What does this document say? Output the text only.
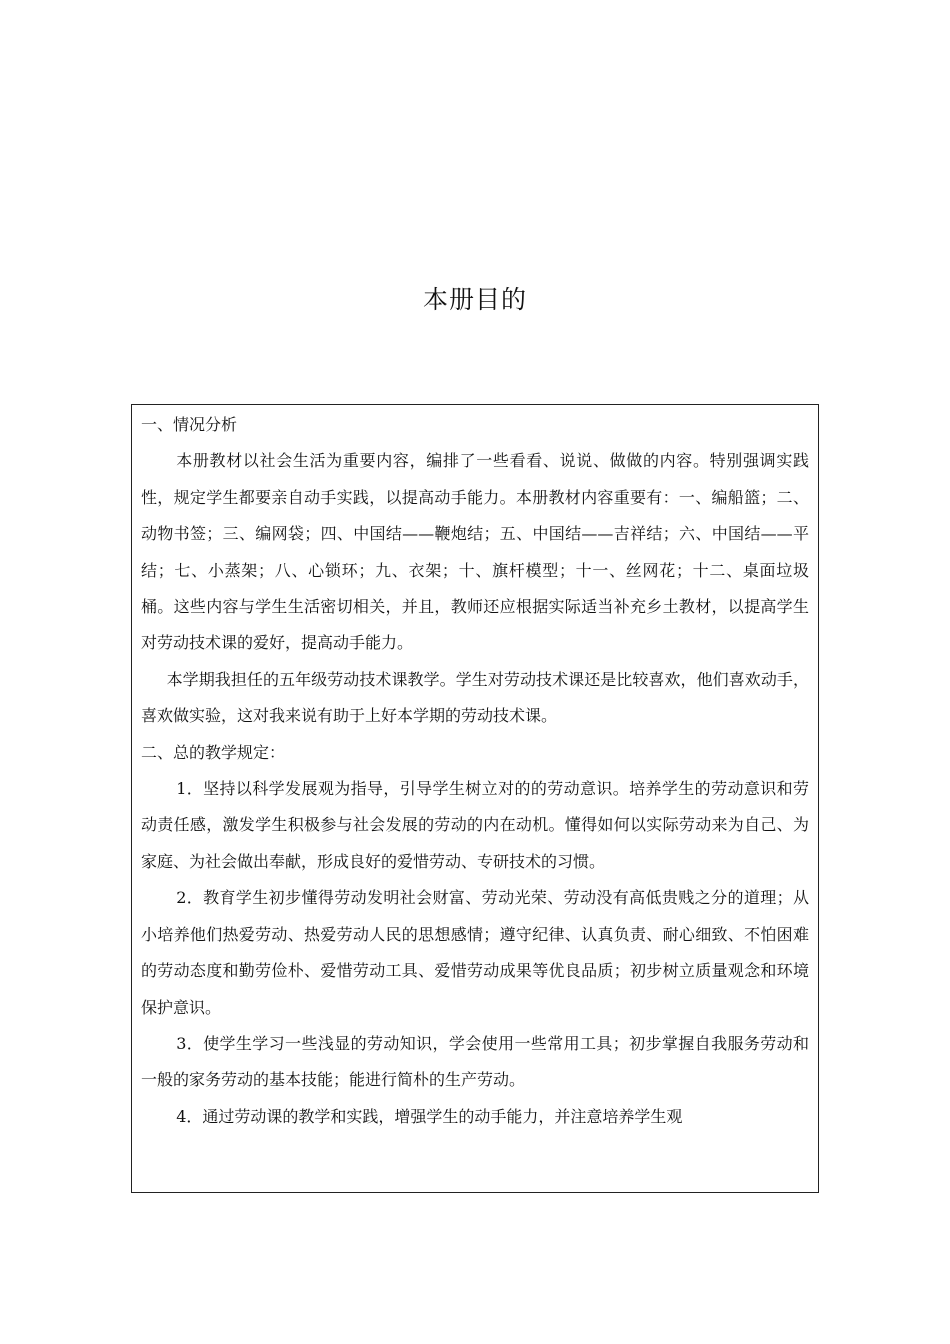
本册目的

一、情况分析

本册教材以社会生活为重要内容，编排了一些看看、说说、做做的内容。特别强调实践性，规定学生都要亲自动手实践，以提高动手能力。本册教材内容重要有：一、编船篮；二、动物书签；三、编网袋；四、中国结——鞭炮结；五、中国结——吉祥结；六、中国结——平结；七、小蒸架；八、心锁环；九、衣架；十、旗杆模型；十一、丝网花；十二、桌面垃圾桶。这些内容与学生生活密切相关，并且，教师还应根据实际适当补充乡土教材，以提高学生对劳动技术课的爱好，提高动手能力。

本学期我担任的五年级劳动技术课教学。学生对劳动技术课还是比较喜欢，他们喜欢动手，喜欢做实验，这对我来说有助于上好本学期的劳动技术课。

二、总的教学规定：

1．坚持以科学发展观为指导，引导学生树立对的的劳动意识。培养学生的劳动意识和劳动责任感，激发学生积极参与社会发展的劳动的内在动机。懂得如何以实际劳动来为自己、为家庭、为社会做出奉献，形成良好的爱惜劳动、专研技术的习惯。

2．教育学生初步懂得劳动发明社会财富、劳动光荣、劳动没有高低贵贱之分的道理；从小培养他们热爱劳动、热爱劳动人民的思想感情；遵守纪律、认真负责、耐心细致、不怕困难的劳动态度和勤劳俭朴、爱惜劳动工具、爱惜劳动成果等优良品质；初步树立质量观念和环境保护意识。

3．使学生学习一些浅显的劳动知识，学会使用一些常用工具；初步掌握自我服务劳动和一般的家务劳动的基本技能；能进行简朴的生产劳动。

4．通过劳动课的教学和实践，增强学生的动手能力，并注意培养学生观
